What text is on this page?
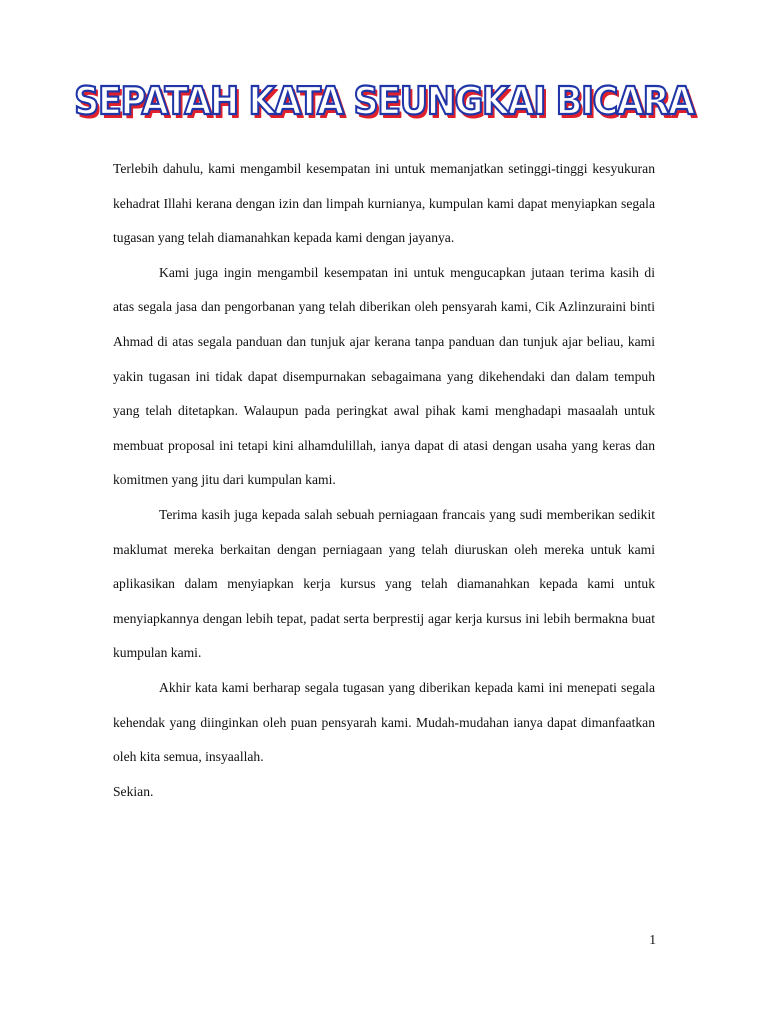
SEPATAH KATA SEUNGKAI BICARA

Terlebih dahulu, kami mengambil kesempatan ini untuk memanjatkan setinggi-tinggi kesyukuran kehadrat Illahi kerana dengan izin dan limpah kurnianya, kumpulan kami dapat menyiapkan segala tugasan yang telah diamanahkan kepada kami dengan jayanya.

Kami juga ingin mengambil kesempatan ini untuk mengucapkan jutaan terima kasih di atas segala jasa dan pengorbanan yang telah diberikan oleh pensyarah kami, Cik Azlinzuraini binti Ahmad di atas segala panduan dan tunjuk ajar kerana tanpa panduan dan tunjuk ajar beliau, kami yakin tugasan ini tidak dapat disempurnakan sebagaimana yang dikehendaki dan dalam tempuh yang telah ditetapkan. Walaupun pada peringkat awal pihak kami menghadapi masaalah untuk membuat proposal ini tetapi kini alhamdulillah, ianya dapat di atasi dengan usaha yang keras dan komitmen yang jitu dari kumpulan kami.

Terima kasih juga kepada salah sebuah perniagaan francais yang sudi memberikan sedikit maklumat mereka berkaitan dengan perniagaan yang telah diuruskan oleh mereka untuk kami aplikasikan dalam menyiapkan kerja kursus yang telah diamanahkan kepada kami untuk menyiapkannya dengan lebih tepat, padat serta berprestij agar kerja kursus ini lebih bermakna buat kumpulan kami.

Akhir kata kami berharap segala tugasan yang diberikan kepada kami ini menepati segala kehendak yang diinginkan oleh puan pensyarah kami. Mudah-mudahan ianya dapat dimanfaatkan oleh kita semua, insyaallah.

Sekian.

1
